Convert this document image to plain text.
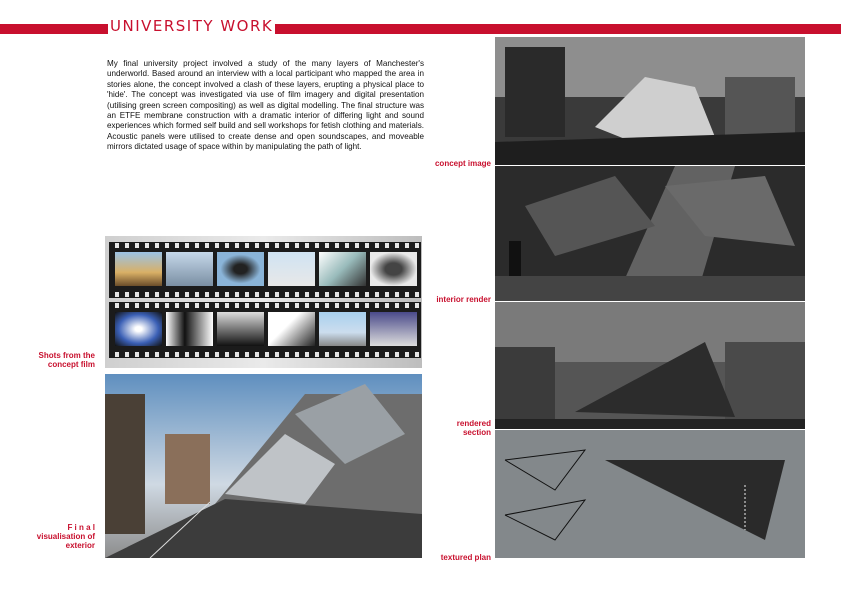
UNIVERSITY WORK

My final university project involved a study of the many layers of Manchester's underworld. Based around an interview with a local participant who mapped the area in stories alone, the concept involved a clash of these layers, erupting a physical place to 'hide'. The concept was investigated via use of film imagery and digital presentation (utilising green screen compositing) as well as digital modelling. The final structure was an ETFE membrane construction with a dramatic interior of differing light and sound experiences which formed self build and sell workshops for fetish clothing and materials. Acoustic panels were utilised to create dense and open soundscapes, and moveable mirrors dictated usage of space within by manipulating the path of light.

concept image
interior render
Shots from the
concept film
rendered
section
F i n a l
visualisation of
exterior
textured plan
